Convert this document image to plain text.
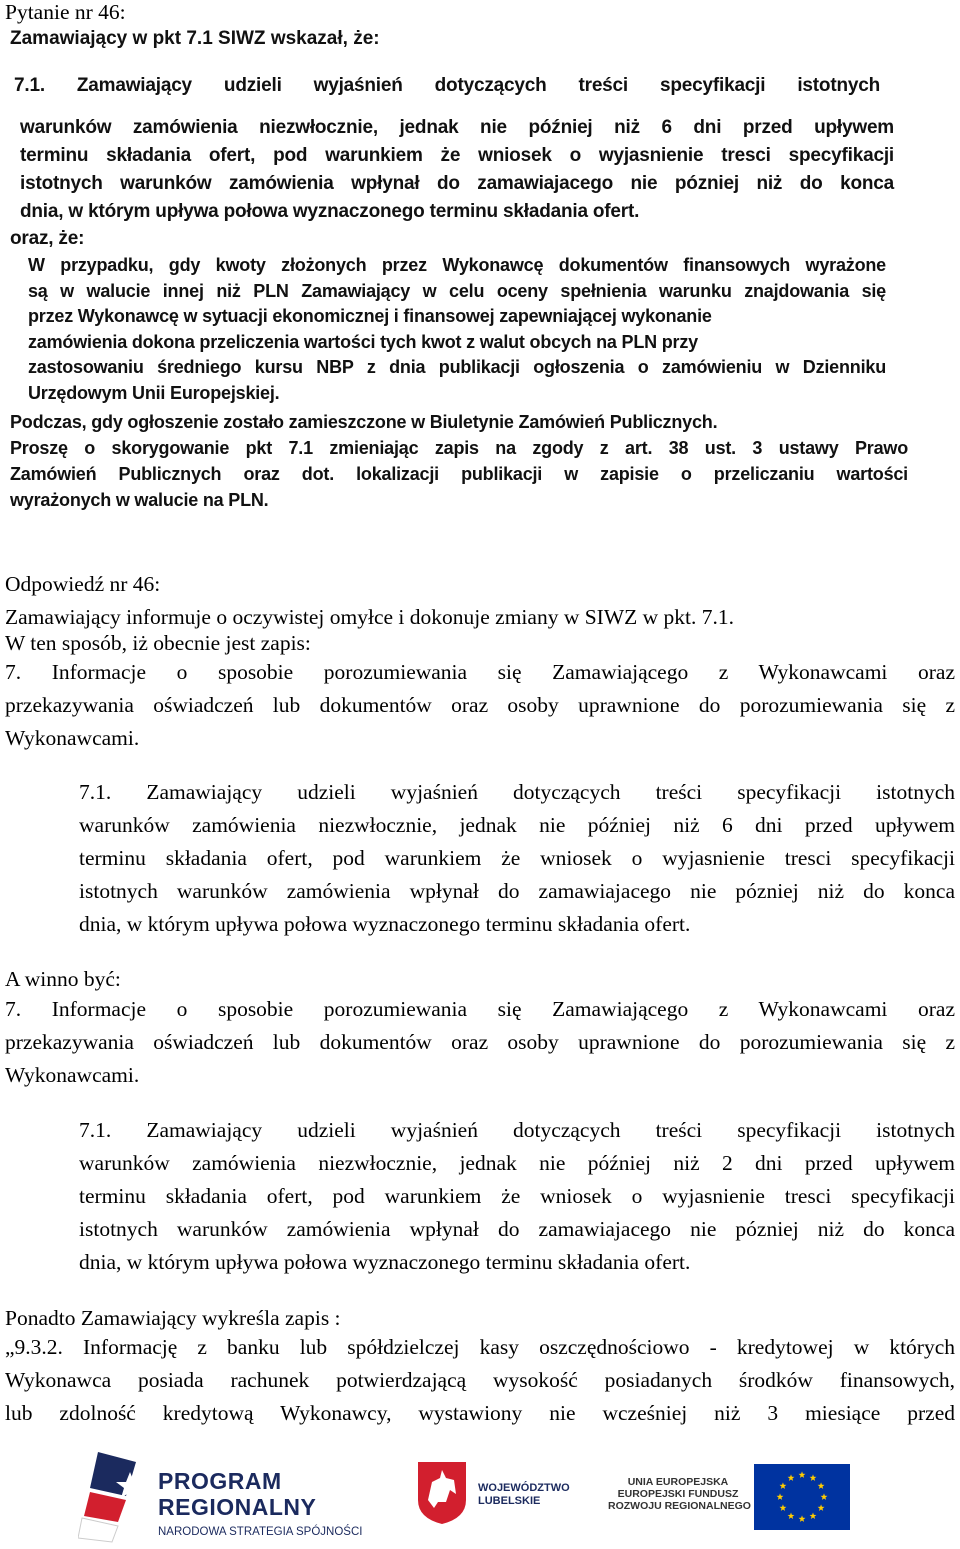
Pytanie nr 46:
Zamawiający w pkt 7.1 SIWZ wskazał, że:
7.1. Zamawiający udzieli wyjaśnień dotyczących treści specyfikacji istotnych
warunków zamówienia niezwłocznie, jednak nie później niż 6 dni przed upływem
terminu składania ofert, pod warunkiem że wniosek o wyjasnienie tresci specyfikacji
istotnych warunków zamówienia wpłynał do zamawiajacego nie pózniej niż do konca
dnia, w którym upływa połowa wyznaczonego terminu składania ofert.
oraz, że:
W przypadku, gdy kwoty złożonych przez Wykonawcę dokumentów finansowych wyrażone
są w walucie innej niż PLN Zamawiający w celu oceny spełnienia warunku znajdowania się
przez Wykonawcę w sytuacji ekonomicznej i finansowej zapewniającej wykonanie
zamówienia dokona przeliczenia wartości tych kwot z walut obcych na PLN przy
zastosowaniu średniego kursu NBP z dnia publikacji ogłoszenia o zamówieniu w Dzienniku
Urzędowym Unii Europejskiej.
Podczas, gdy ogłoszenie zostało zamieszczone w Biuletynie Zamówień Publicznych.
Proszę o skorygowanie pkt 7.1 zmieniając zapis na zgody z art. 38 ust. 3 ustawy Prawo
Zamówień Publicznych oraz dot. lokalizacji publikacji w zapisie o przeliczaniu wartości
wyrażonych w walucie na PLN.
Odpowiedź nr 46:
Zamawiający informuje o oczywistej omyłce i dokonuje zmiany w SIWZ w pkt. 7.1.
W ten sposób, iż obecnie jest zapis:
7. Informacje o sposobie porozumiewania się Zamawiającego z Wykonawcami oraz
przekazywania oświadczeń lub dokumentów oraz osoby uprawnione do porozumiewania się z
Wykonawcami.
7.1. Zamawiający udzieli wyjaśnień dotyczących treści specyfikacji istotnych
warunków zamówienia niezwłocznie, jednak nie później niż 6 dni przed upływem
terminu składania ofert, pod warunkiem że wniosek o wyjasnienie tresci specyfikacji
istotnych warunków zamówienia wpłynał do zamawiajacego nie pózniej niż do konca
dnia, w którym upływa połowa wyznaczonego terminu składania ofert.
A winno być:
7. Informacje o sposobie porozumiewania się Zamawiającego z Wykonawcami oraz
przekazywania oświadczeń lub dokumentów oraz osoby uprawnione do porozumiewania się z
Wykonawcami.
7.1. Zamawiający udzieli wyjaśnień dotyczących treści specyfikacji istotnych
warunków zamówienia niezwłocznie, jednak nie później niż 2 dni przed upływem
terminu składania ofert, pod warunkiem że wniosek o wyjasnienie tresci specyfikacji
istotnych warunków zamówienia wpłynał do zamawiajacego nie pózniej niż do konca
dnia, w którym upływa połowa wyznaczonego terminu składania ofert.
Ponadto Zamawiający wykreśla zapis :
„9.3.2. Informację z banku lub spółdzielczej kasy oszczędnościowo - kredytowej w których
Wykonawca posiada rachunek potwierdzającą wysokość posiadanych środków finansowych,
lub zdolność kredytową Wykonawcy, wystawiony nie wcześniej niż 3 miesiące przed
PROGRAM
REGIONALNY
NARODOWA STRATEGIA SPÓJNOŚCI
WOJEWÓDZTWO
LUBELSKIE
UNIA EUROPEJSKA
EUROPEJSKI FUNDUSZ
ROZWOJU REGIONALNEGO
